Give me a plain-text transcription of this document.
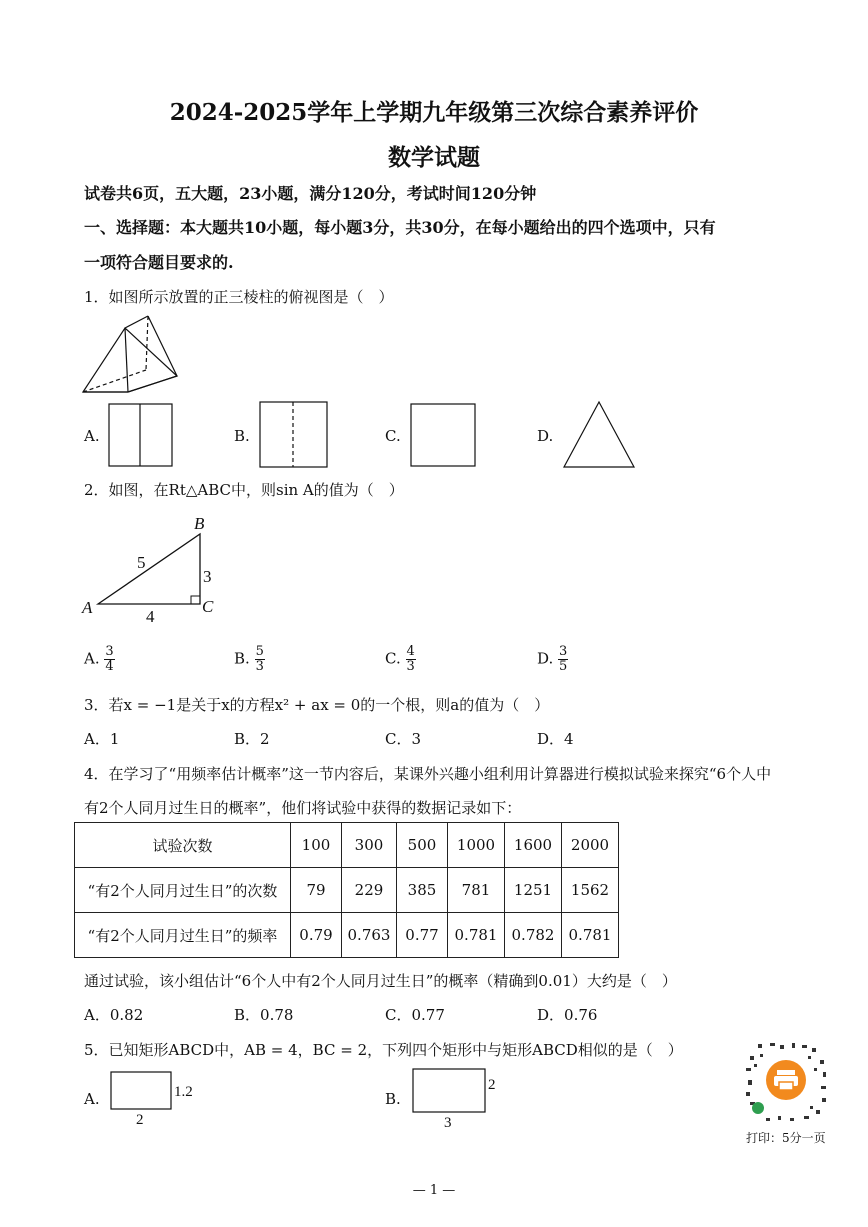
2024-2025学年上学期九年级第三次综合素养评价
数学试题
试卷共6页，五大题，23小题，满分120分，考试时间120分钟
一、选择题：本大题共10小题，每小题3分，共30分，在每小题给出的四个选项中，只有
一项符合题目要求的.
1．如图所示放置的正三棱柱的俯视图是（　）
A.	B.	C.	D.
2．如图，在Rt△ABC中，则sin A的值为（　）
A
B
C
5
3
4
A. $\frac{3}{4}$	B. $\frac{5}{3}$	C. $\frac{4}{3}$	D. $\frac{3}{5}$
3．若x = −1是关于x的方程x² + ax = 0的一个根，则a的值为（　）
A．1	B．2	C．3	D．4
4．在学习了“用频率估计概率”这一节内容后，某课外兴趣小组利用计算器进行模拟试验来探究“6个人中
有2个人同月过生日的概率”，他们将试验中获得的数据记录如下：
试验次数	100	300	500	1000	1600	2000
“有2个人同月过生日”的次数	79	229	385	781	1251	1562
“有2个人同月过生日”的频率	0.79	0.763	0.77	0.781	0.782	0.781
通过试验，该小组估计“6个人中有2个人同月过生日”的概率（精确到0.01）大约是（　）
A．0.82	B．0.78	C．0.77	D．0.76
5．已知矩形ABCD中，AB = 4，BC = 2，下列四个矩形中与矩形ABCD相似的是（　）
A.	1.2
2
B.
2
3
打印：5分一页
— 1 —
